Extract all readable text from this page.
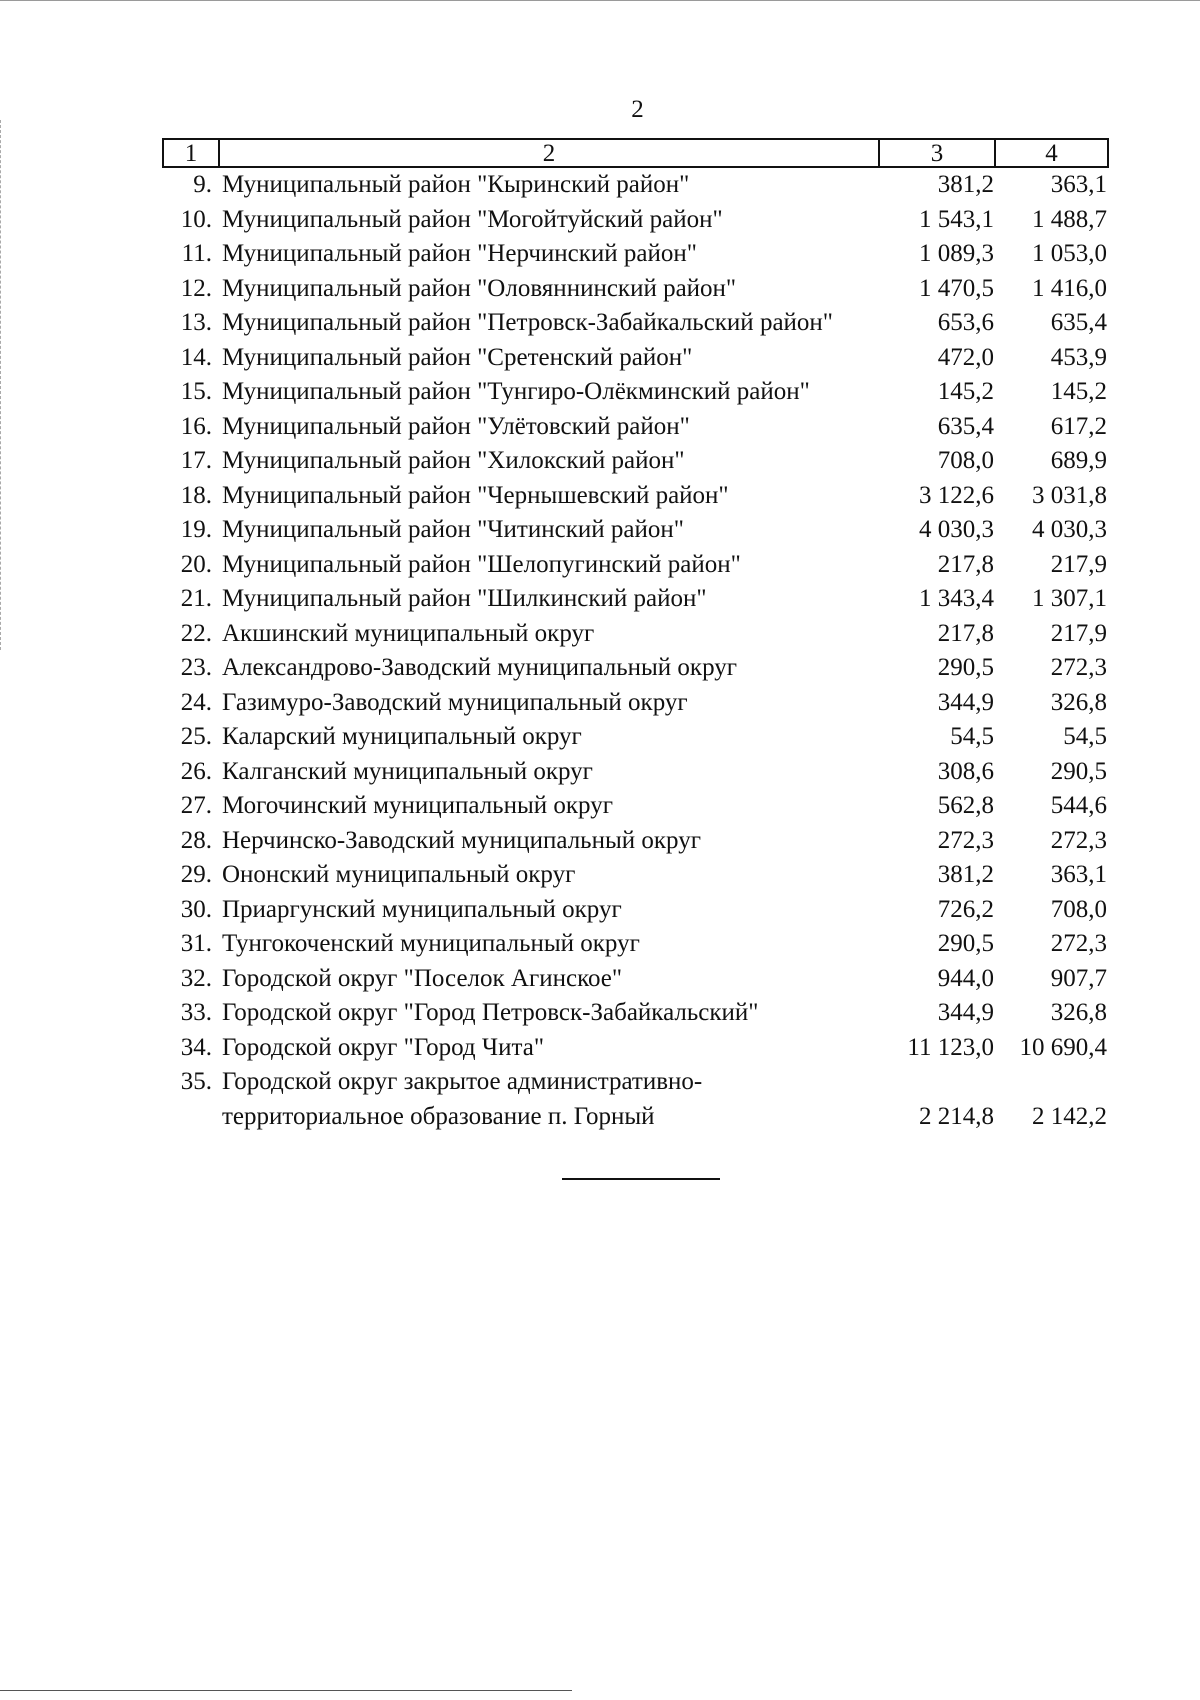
2
1	2	3	4
9. Муниципальный район "Кыринский район"	381,2	363,1
10. Муниципальный район "Могойтуйский район"	1 543,1	1 488,7
11. Муниципальный район "Нерчинский район"	1 089,3	1 053,0
12. Муниципальный район "Оловяннинский район"	1 470,5	1 416,0
13. Муниципальный район "Петровск-Забайкальский район"	653,6	635,4
14. Муниципальный район "Сретенский район"	472,0	453,9
15. Муниципальный район "Тунгиро-Олёкминский район"	145,2	145,2
16. Муниципальный район "Улётовский район"	635,4	617,2
17. Муниципальный район "Хилокский район"	708,0	689,9
18. Муниципальный район "Чернышевский район"	3 122,6	3 031,8
19. Муниципальный район "Читинский район"	4 030,3	4 030,3
20. Муниципальный район "Шелопугинский район"	217,8	217,9
21. Муниципальный район "Шилкинский район"	1 343,4	1 307,1
22. Акшинский муниципальный округ	217,8	217,9
23. Александрово-Заводский муниципальный округ	290,5	272,3
24. Газимуро-Заводский муниципальный округ	344,9	326,8
25. Каларский муниципальный округ	54,5	54,5
26. Калганский муниципальный округ	308,6	290,5
27. Могочинский муниципальный округ	562,8	544,6
28. Нерчинско-Заводский муниципальный округ	272,3	272,3
29. Ононский муниципальный округ	381,2	363,1
30. Приаргунский муниципальный округ	726,2	708,0
31. Тунгокоченский муниципальный округ	290,5	272,3
32. Городской округ "Поселок Агинское"	944,0	907,7
33. Городской округ "Город Петровск-Забайкальский"	344,9	326,8
34. Городской округ "Город Чита"	11 123,0	10 690,4
35. Городской округ закрытое административно-
территориальное образование п. Горный	2 214,8	2 142,2
